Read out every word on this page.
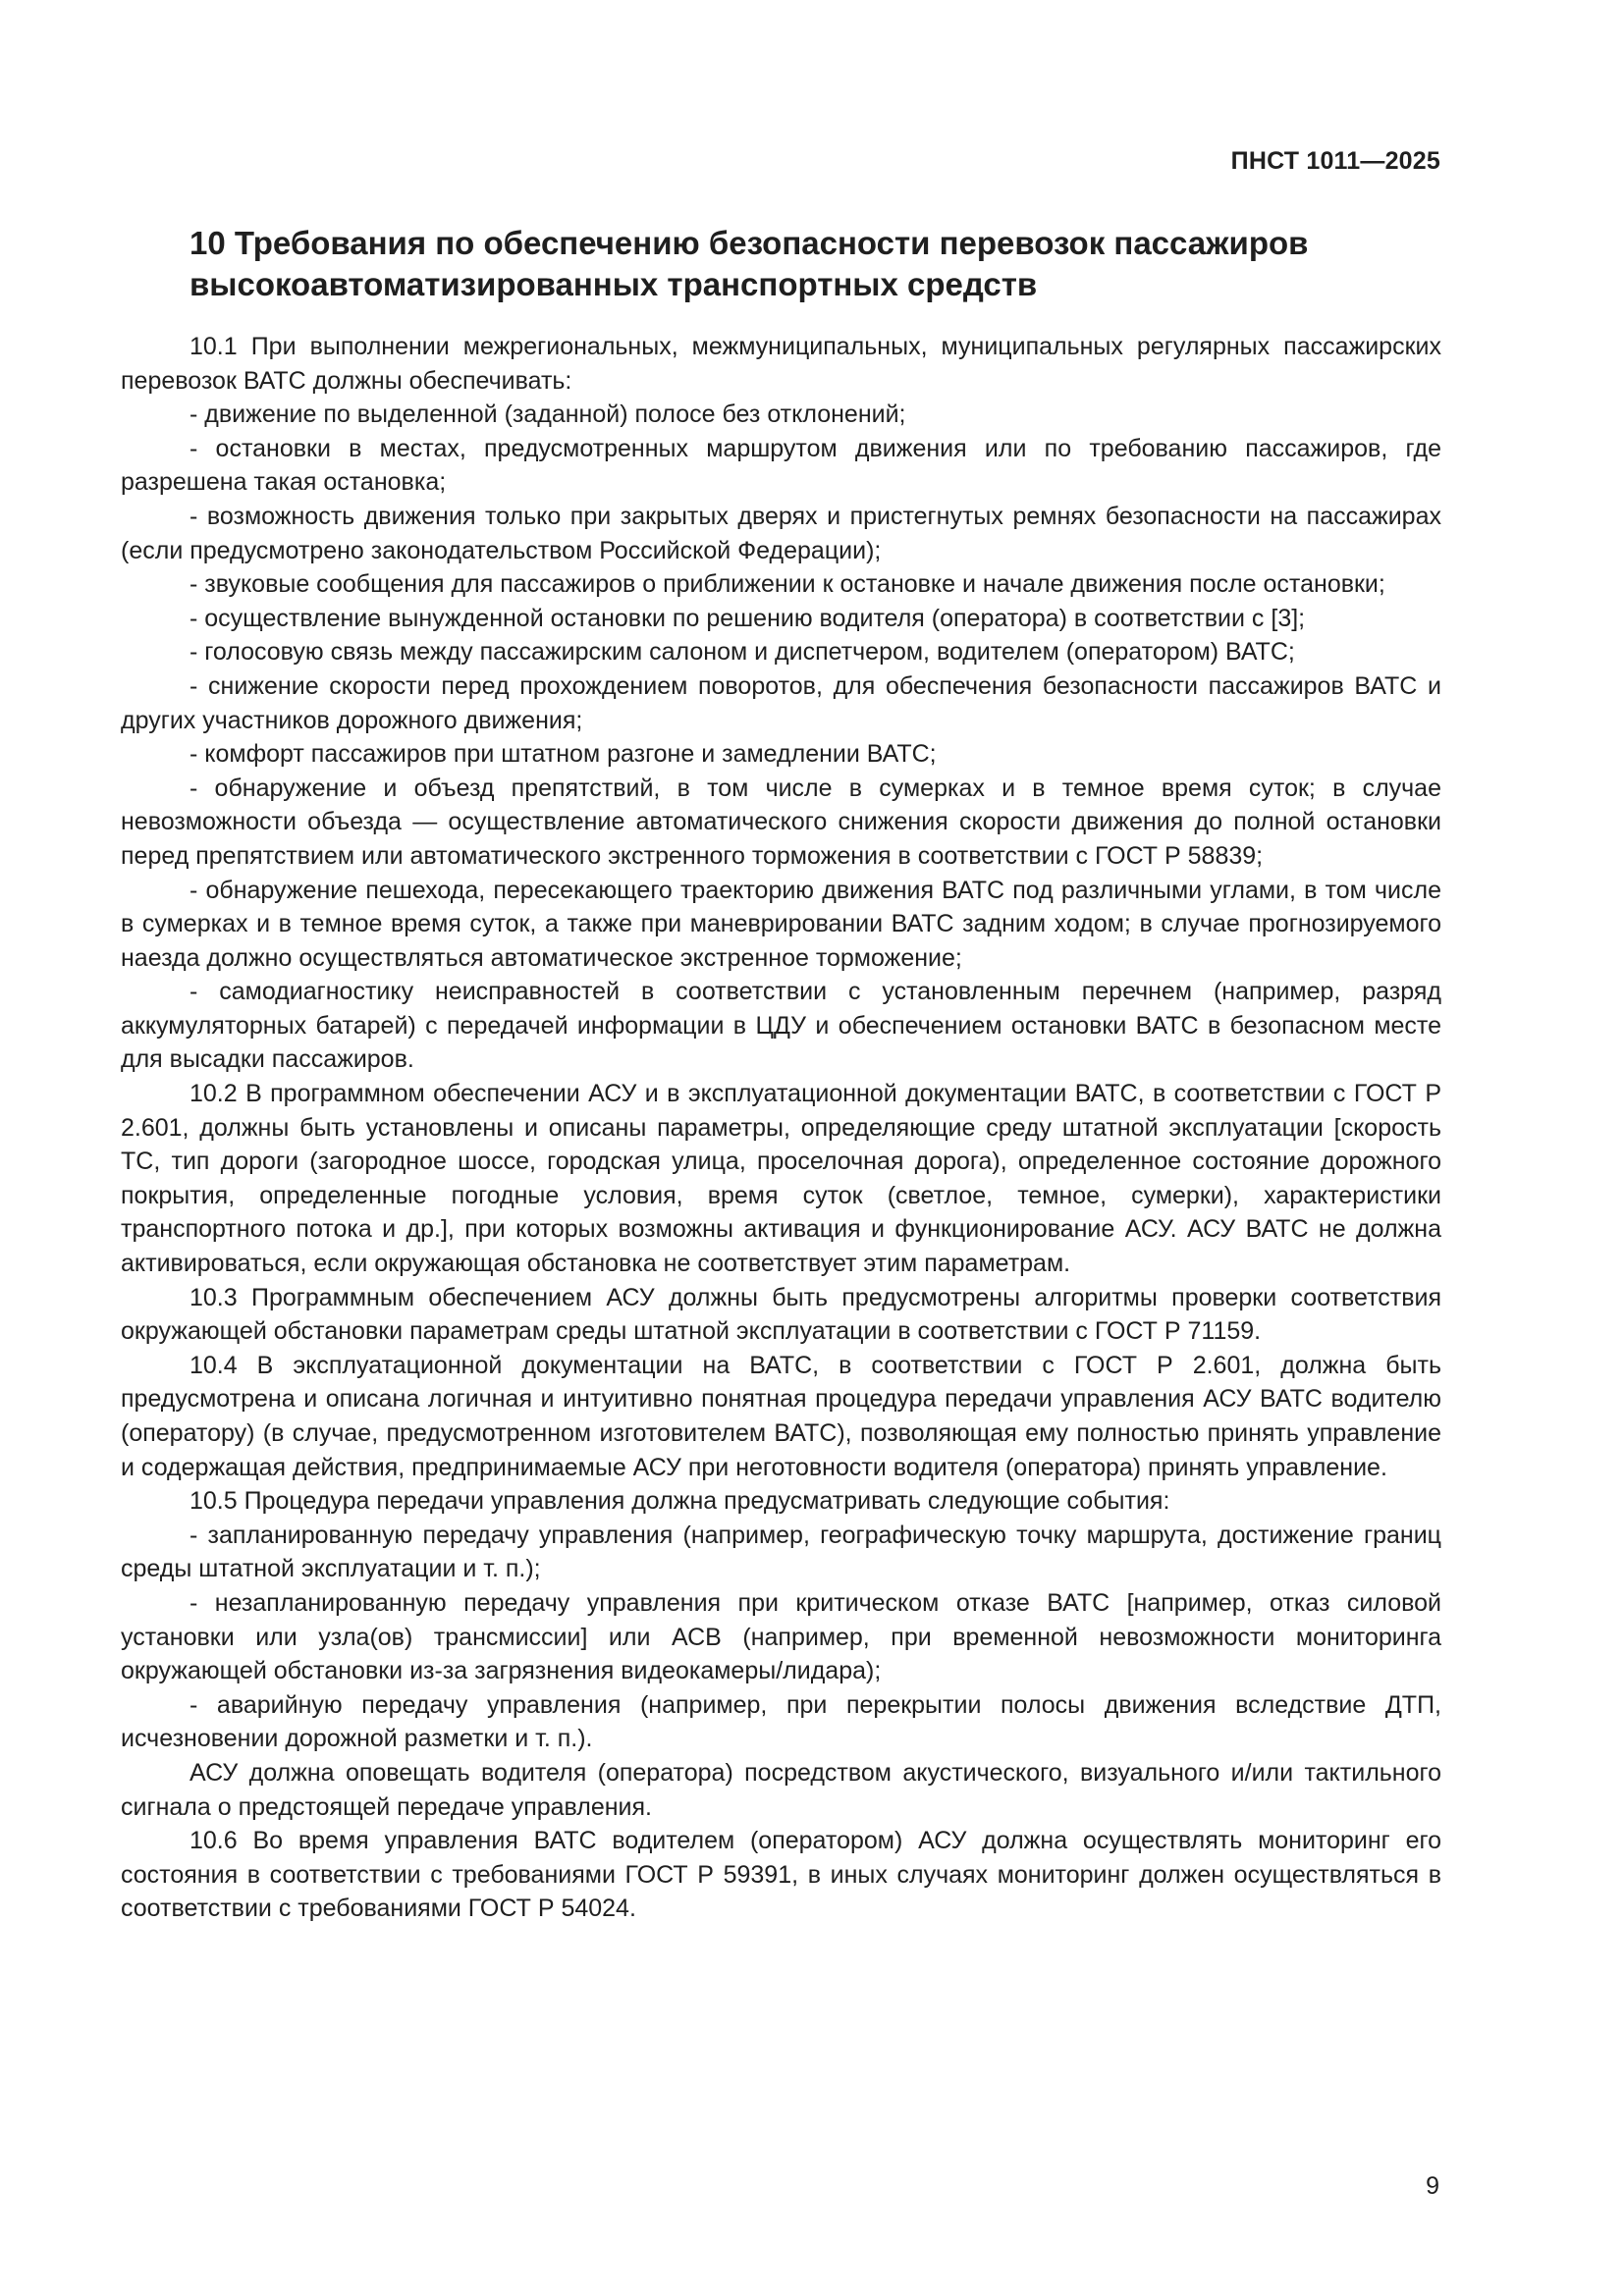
ПНСТ 1011—2025
10 Требования по обеспечению безопасности перевозок пассажиров
высокоавтоматизированных транспортных средств

10.1 При выполнении межрегиональных, межмуниципальных, муниципальных регулярных пассажирских перевозок ВАТС должны обеспечивать:

- движение по выделенной (заданной) полосе без отклонений;

- остановки в местах, предусмотренных маршрутом движения или по требованию пассажиров, где разрешена такая остановка;

- возможность движения только при закрытых дверях и пристегнутых ремнях безопасности на пассажирах (если предусмотрено законодательством Российской Федерации);

- звуковые сообщения для пассажиров о приближении к остановке и начале движения после остановки;

- осуществление вынужденной остановки по решению водителя (оператора) в соответствии с [3];

- голосовую связь между пассажирским салоном и диспетчером, водителем (оператором) ВАТС;

- снижение скорости перед прохождением поворотов, для обеспечения безопасности пассажиров ВАТС и других участников дорожного движения;

- комфорт пассажиров при штатном разгоне и замедлении ВАТС;

- обнаружение и объезд препятствий, в том числе в сумерках и в темное время суток; в случае невозможности объезда — осуществление автоматического снижения скорости движения до полной остановки перед препятствием или автоматического экстренного торможения в соответствии с ГОСТ Р 58839;

- обнаружение пешехода, пересекающего траекторию движения ВАТС под различными углами, в том числе в сумерках и в темное время суток, а также при маневрировании ВАТС задним ходом; в случае прогнозируемого наезда должно осуществляться автоматическое экстренное торможение;

- самодиагностику неисправностей в соответствии с установленным перечнем (например, разряд аккумуляторных батарей) с передачей информации в ЦДУ и обеспечением остановки ВАТС в безопасном месте для высадки пассажиров.

10.2 В программном обеспечении АСУ и в эксплуатационной документации ВАТС, в соответствии с ГОСТ Р 2.601, должны быть установлены и описаны параметры, определяющие среду штатной эксплуатации [скорость ТС, тип дороги (загородное шоссе, городская улица, проселочная дорога), определенное состояние дорожного покрытия, определенные погодные условия, время суток (светлое, темное, сумерки), характеристики транспортного потока и др.], при которых возможны активация и функционирование АСУ. АСУ ВАТС не должна активироваться, если окружающая обстановка не соответствует этим параметрам.

10.3 Программным обеспечением АСУ должны быть предусмотрены алгоритмы проверки соответствия окружающей обстановки параметрам среды штатной эксплуатации в соответствии с ГОСТ Р 71159.

10.4 В эксплуатационной документации на ВАТС, в соответствии с ГОСТ Р 2.601, должна быть предусмотрена и описана логичная и интуитивно понятная процедура передачи управления АСУ ВАТС водителю (оператору) (в случае, предусмотренном изготовителем ВАТС), позволяющая ему полностью принять управление и содержащая действия, предпринимаемые АСУ при неготовности водителя (оператора) принять управление.

10.5 Процедура передачи управления должна предусматривать следующие события:

- запланированную передачу управления (например, географическую точку маршрута, достижение границ среды штатной эксплуатации и т. п.);

- незапланированную передачу управления при критическом отказе ВАТС [например, отказ силовой установки или узла(ов) трансмиссии] или АСВ (например, при временной невозможности мониторинга окружающей обстановки из-за загрязнения видеокамеры/лидара);

- аварийную передачу управления (например, при перекрытии полосы движения вследствие ДТП, исчезновении дорожной разметки и т. п.).

АСУ должна оповещать водителя (оператора) посредством акустического, визуального и/или тактильного сигнала о предстоящей передаче управления.

10.6 Во время управления ВАТС водителем (оператором) АСУ должна осуществлять мониторинг его состояния в соответствии с требованиями ГОСТ Р 59391, в иных случаях мониторинг должен осуществляться в соответствии с требованиями ГОСТ Р 54024.

9
